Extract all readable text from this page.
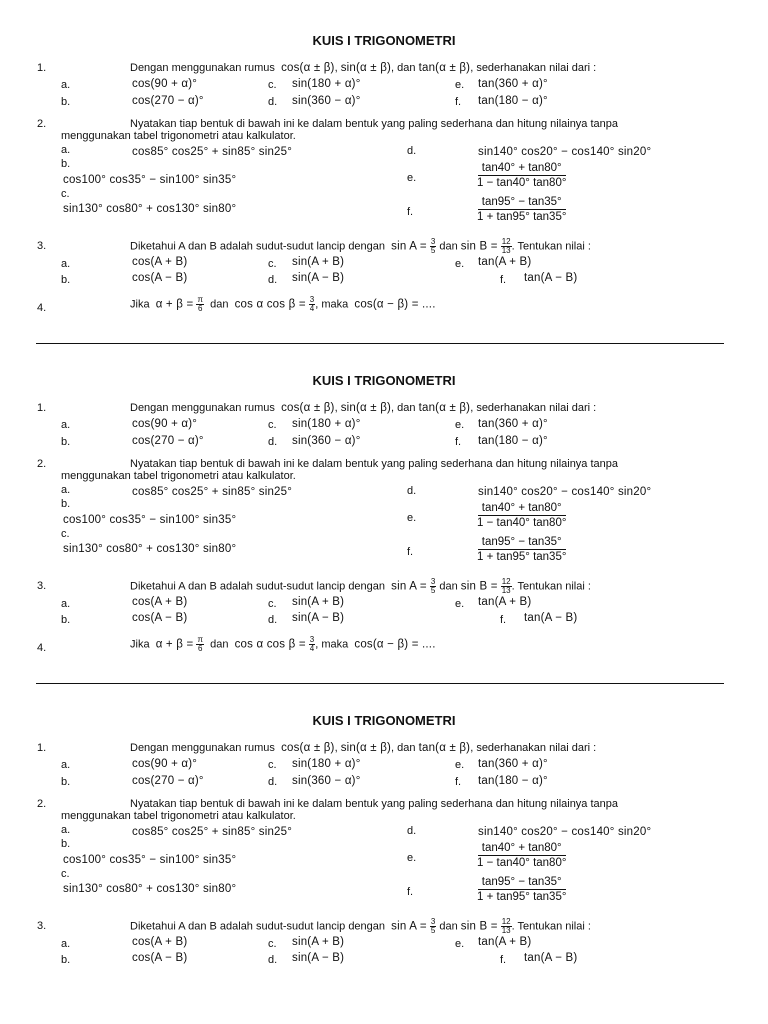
KUIS I TRIGONOMETRI
1.	Dengan menggunakan rumus cos(α ± β), sin(α ± β), dan tan(α ± β), sederhanakan nilai dari :
a.	cos(90 + α)°
b.	cos(270 − α)°
c. sin(180 + α)°
d. sin(360 − α)°
e. tan(360 + α)°
f. tan(180 − α)°
2.	Nyatakan tiap bentuk di bawah ini ke dalam bentuk yang paling sederhana dan hitung nilainya tanpa
menggunakan tabel trigonometri atau kalkulator.
a.	cos85° cos25° + sin85° sin25°
b.
cos100° cos35° − sin100° sin35°
c.
sin130° cos80° + cos130° sin80°
d.	sin140° cos20° − cos140° sin20°
e.
tan40° + tan80°
1 − tan40° tan80°
f.
tan95° − tan35°
1 + tan95° tan35°
3.	Diketahui A dan B adalah sudut-sudut lancip dengan $\sin A = \frac{3}{5}$ dan $\sin B = \frac{12}{13}$ . Tentukan nilai :
a.	cos(A + B)
b.	cos(A − B)
c. sin(A + B)
d. sin(A − B)
e. tan(A + B)
f. tan(A − B)
4.	Jika $\alpha + \beta = \frac{\pi}{6}$ dan cos α $\cos \beta = \frac{3}{4}$ , maka cos(α − β) = ....
KUIS I TRIGONOMETRI
1.	Dengan menggunakan rumus cos(α ± β), sin(α ± β), dan tan(α ± β), sederhanakan nilai dari :
a.	cos(90 + α)°
b.	cos(270 − α)°
c. sin(180 + α)°
d. sin(360 − α)°
e. tan(360 + α)°
f. tan(180 − α)°
2.	Nyatakan tiap bentuk di bawah ini ke dalam bentuk yang paling sederhana dan hitung nilainya tanpa
menggunakan tabel trigonometri atau kalkulator.
a.	cos85° cos25° + sin85° sin25°
b.
cos100° cos35° − sin100° sin35°
c.
sin130° cos80° + cos130° sin80°
d.	sin140° cos20° − cos140° sin20°
e.
tan40° + tan80°
1 − tan40° tan80°
f.
tan95° − tan35°
1 + tan95° tan35°
3.	Diketahui A dan B adalah sudut-sudut lancip dengan $\sin A = \frac{3}{5}$ dan $\sin B = \frac{12}{13}$ . Tentukan nilai :
a.	cos(A + B)
b.	cos(A − B)
c. sin(A + B)
d. sin(A − B)
e. tan(A + B)
f. tan(A − B)
4.	Jika $\alpha + \beta = \frac{\pi}{6}$ dan cos α $\cos \beta = \frac{3}{4}$ , maka cos(α − β) = ....
KUIS I TRIGONOMETRI
1.	Dengan menggunakan rumus cos(α ± β), sin(α ± β), dan tan(α ± β), sederhanakan nilai dari :
a.	cos(90 + α)°
b.	cos(270 − α)°
c. sin(180 + α)°
d. sin(360 − α)°
e. tan(360 + α)°
f. tan(180 − α)°
2.	Nyatakan tiap bentuk di bawah ini ke dalam bentuk yang paling sederhana dan hitung nilainya tanpa
menggunakan tabel trigonometri atau kalkulator.
a.	cos85° cos25° + sin85° sin25°
b.
cos100° cos35° − sin100° sin35°
c.
sin130° cos80° + cos130° sin80°
d.	sin140° cos20° − cos140° sin20°
e.
tan40° + tan80°
1 − tan40° tan80°
f.
tan95° − tan35°
1 + tan95° tan35°
3.	Diketahui A dan B adalah sudut-sudut lancip dengan $\sin A = \frac{3}{5}$ dan $\sin B = \frac{12}{13}$ . Tentukan nilai :
a.	cos(A + B)
b.	cos(A − B)
c. sin(A + B)
d. sin(A − B)
e. tan(A + B)
f. tan(A − B)
